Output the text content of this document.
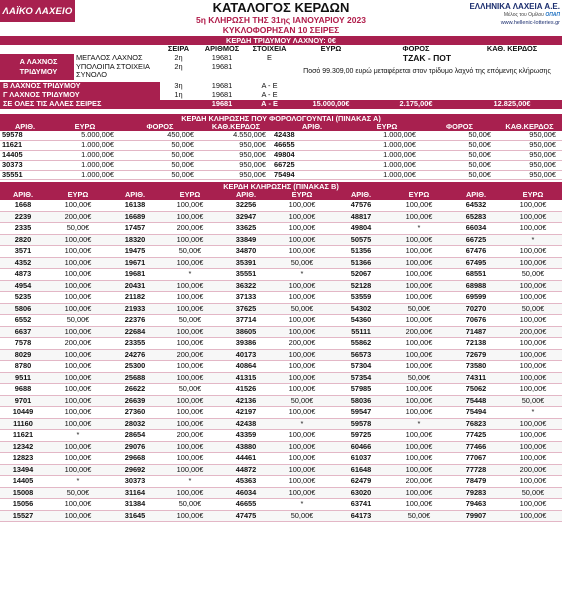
ΛΑΪΚΟ ΛΑΧΕΙΟ	ΚΑΤΑΛΟΓΟΣ ΚΕΡΔΩΝ
5η ΚΛΗΡΩΣΗ ΤΗΣ 31ης ΙΑΝΟΥΑΡΙΟΥ 2023
ΚΥΚΛΟΦΟΡΗΣΑΝ 10 ΣΕΙΡΕΣ
ΕΛΛΗΝΙΚΑ ΛΑΧΕΙΑ Α.Ε.
Μέλος του Ομίλου ΟΠΑΠ
www.hellenic-lotteries.gr
ΚΕΡΔΗ ΤΡΙΔΥΜΟΥ ΛΑΧΝΟΥ: 0€
		ΣΕΙΡΑ	ΑΡΙΘΜΟΣ	ΣΤΟΙΧΕΙΑ	ΕΥΡΩ	ΦΟΡΟΣ	ΚΑΘ. ΚΕΡΔΟΣ
Α ΛΑΧΝΟΣ ΤΡΙΔΥΜΟΥ	ΜΕΓΑΛΟΣ ΛΑΧΝΟΣ	2η	19681	E	ΤΖΑΚ - ΠΟΤ		
	ΥΠΟΛΟΙΠΑ ΣΤΟΙΧΕΙΑ	2η	19681		Ποσό 99.309,00 ευρώ μεταφέρεται στον τρίδυμο λαχνό της επόμενης κλήρωσης		
	ΣΥΝΟΛΟ						

Β ΛΑΧΝΟΣ ΤΡΙΔΥΜΟΥ		3η	19681	Α - Ε			
Γ ΛΑΧΝΟΣ ΤΡΙΔΥΜΟΥ		1η	19681	Α - Ε			
ΣΕ ΟΛΕΣ ΤΙΣ ΑΛΛΕΣ ΣΕΙΡΕΣ			19681	Α - Ε	15.000,00€	2.175,00€	12.825,00€
ΚΕΡΔΗ ΚΛΗΡΩΣΗΣ ΠΟΥ ΦΟΡΟΛΟΓΟΥΝΤΑΙ (ΠΙΝΑΚΑΣ Α)
ΑΡΙΘ.	ΕΥΡΩ	ΦΟΡΟΣ	ΚΑΘ.ΚΕΡΔΟΣ	ΑΡΙΘ.	ΕΥΡΩ	ΦΟΡΟΣ	ΚΑΘ.ΚΕΡΔΟΣ
59578	5.000,00€	450,00€	4.550,00€	42438	1.000,00€	50,00€	950,00€
11621	1.000,00€	50,00€	950,00€	46655	1.000,00€	50,00€	950,00€
14405	1.000,00€	50,00€	950,00€	49804	1.000,00€	50,00€	950,00€
30373	1.000,00€	50,00€	950,00€	66725	1.000,00€	50,00€	950,00€
35551	1.000,00€	50,00€	950,00€	75494	1.000,00€	50,00€	950,00€
ΚΕΡΔΗ ΚΛΗΡΩΣΗΣ (ΠΙΝΑΚΑΣ Β)
ΑΡΙΘ.	ΕΥΡΩ	ΑΡΙΘ.	ΕΥΡΩ	ΑΡΙΘ.	ΕΥΡΩ	ΑΡΙΘ.	ΕΥΡΩ	ΑΡΙΘ.	ΕΥΡΩ
1668	100,00€	16138	100,00€	32256	100,00€	47576	100,00€	64532	100,00€
2239	200,00€	16689	100,00€	32947	100,00€	48817	100,00€	65283	100,00€
2335	50,00€	17457	200,00€	33625	100,00€	49804	*	66034	100,00€
2820	100,00€	18320	100,00€	33849	100,00€	50575	100,00€	66725	*
3571	100,00€	19475	50,00€	34870	100,00€	51356	100,00€	67476	100,00€
4352	100,00€	19671	100,00€	35391	50,00€	51366	100,00€	67495	100,00€
4873	100,00€	19681	*	35551	*	52067	100,00€	68551	50,00€
4954	100,00€	20431	100,00€	36322	100,00€	52128	100,00€	68988	100,00€
5235	100,00€	21182	100,00€	37133	100,00€	53559	100,00€	69599	100,00€
5806	100,00€	21933	100,00€	37625	50,00€	54302	50,00€	70270	50,00€
6552	50,00€	22376	50,00€	37714	100,00€	54360	100,00€	70676	100,00€
6637	100,00€	22684	100,00€	38605	100,00€	55111	200,00€	71487	200,00€
7578	200,00€	23355	100,00€	39386	200,00€	55862	100,00€	72138	100,00€
8029	100,00€	24276	200,00€	40173	100,00€	56573	100,00€	72679	100,00€
8780	100,00€	25300	100,00€	40864	100,00€	57304	100,00€	73580	100,00€
9511	100,00€	25688	100,00€	41315	100,00€	57354	50,00€	74311	100,00€
9688	100,00€	26622	50,00€	41526	100,00€	57985	100,00€	75062	100,00€
9701	100,00€	26639	100,00€	42136	50,00€	58036	100,00€	75448	50,00€
10449	100,00€	27360	100,00€	42197	100,00€	59547	100,00€	75494	*
11160	100,00€	28032	100,00€	42438	*	59578	*	76823	100,00€
11621	*	28654	200,00€	43359	100,00€	59725	100,00€	77425	100,00€
12342	100,00€	29076	100,00€	43880	100,00€	60466	100,00€	77466	100,00€
12823	100,00€	29668	100,00€	44461	100,00€	61037	100,00€	77067	100,00€
13494	100,00€	29692	100,00€	44872	100,00€	61648	100,00€	77728	200,00€
14405	*	30373	*	45363	100,00€	62479	200,00€	78479	100,00€
15008	50,00€	31164	100,00€	46034	100,00€	63020	100,00€	79283	50,00€
15056	100,00€	31384	50,00€	46655	*	63741	100,00€	79463	100,00€
15527	100,00€	31645	100,00€	47475	50,00€	64173	50,00€	79907	100,00€
